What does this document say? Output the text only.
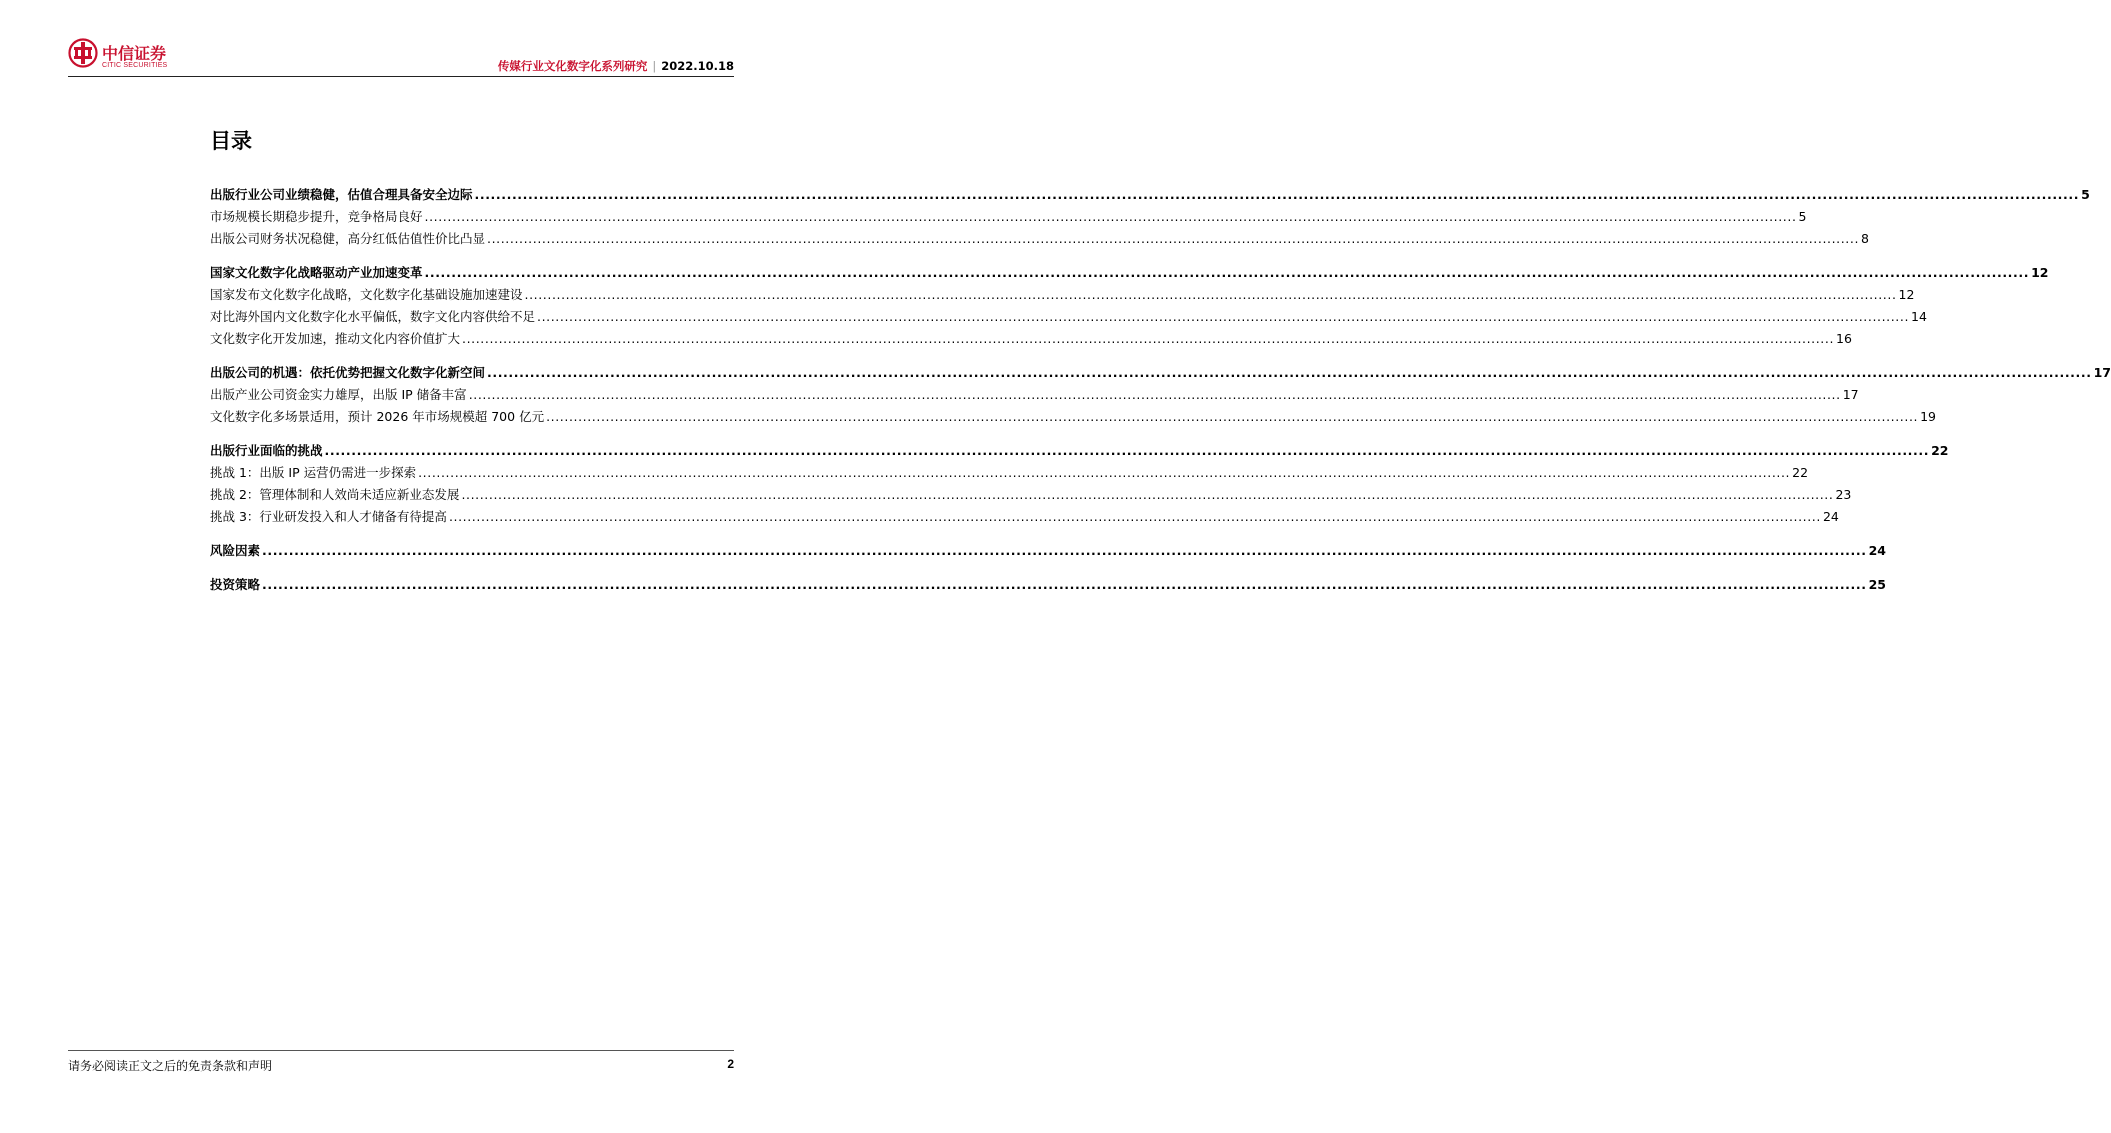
中信证券
CITIC SECURITIES	传媒行业文化数字化系列研究 | 2022.10.18
目录
出版行业公司业绩稳健，估值合理具备安全边际 ............................................................................................................................................................................................................................................................................................................ 5
市场规模长期稳步提升，竞争格局良好 ............................................................................................................................................................................................................................................................................................................ 5
出版公司财务状况稳健，高分红低估值性价比凸显 ............................................................................................................................................................................................................................................................................................................ 8
国家文化数字化战略驱动产业加速变革 ............................................................................................................................................................................................................................................................................................................ 12
国家发布文化数字化战略，文化数字化基础设施加速建设 ............................................................................................................................................................................................................................................................................................................ 12
对比海外国内文化数字化水平偏低，数字文化内容供给不足 ............................................................................................................................................................................................................................................................................................................ 14
文化数字化开发加速，推动文化内容价值扩大 ............................................................................................................................................................................................................................................................................................................ 16
出版公司的机遇：依托优势把握文化数字化新空间 ............................................................................................................................................................................................................................................................................................................ 17
出版产业公司资金实力雄厚，出版 IP 储备丰富 ............................................................................................................................................................................................................................................................................................................ 17
文化数字化多场景适用，预计 2026 年市场规模超 700 亿元 ............................................................................................................................................................................................................................................................................................................ 19
出版行业面临的挑战 ............................................................................................................................................................................................................................................................................................................ 22
挑战 1：出版 IP 运营仍需进一步探索 ............................................................................................................................................................................................................................................................................................................ 22
挑战 2：管理体制和人效尚未适应新业态发展 ............................................................................................................................................................................................................................................................................................................ 23
挑战 3：行业研发投入和人才储备有待提高 ............................................................................................................................................................................................................................................................................................................ 24
风险因素 ............................................................................................................................................................................................................................................................................................................ 24
投资策略 ............................................................................................................................................................................................................................................................................................................ 25
请务必阅读正文之后的免责条款和声明	2
